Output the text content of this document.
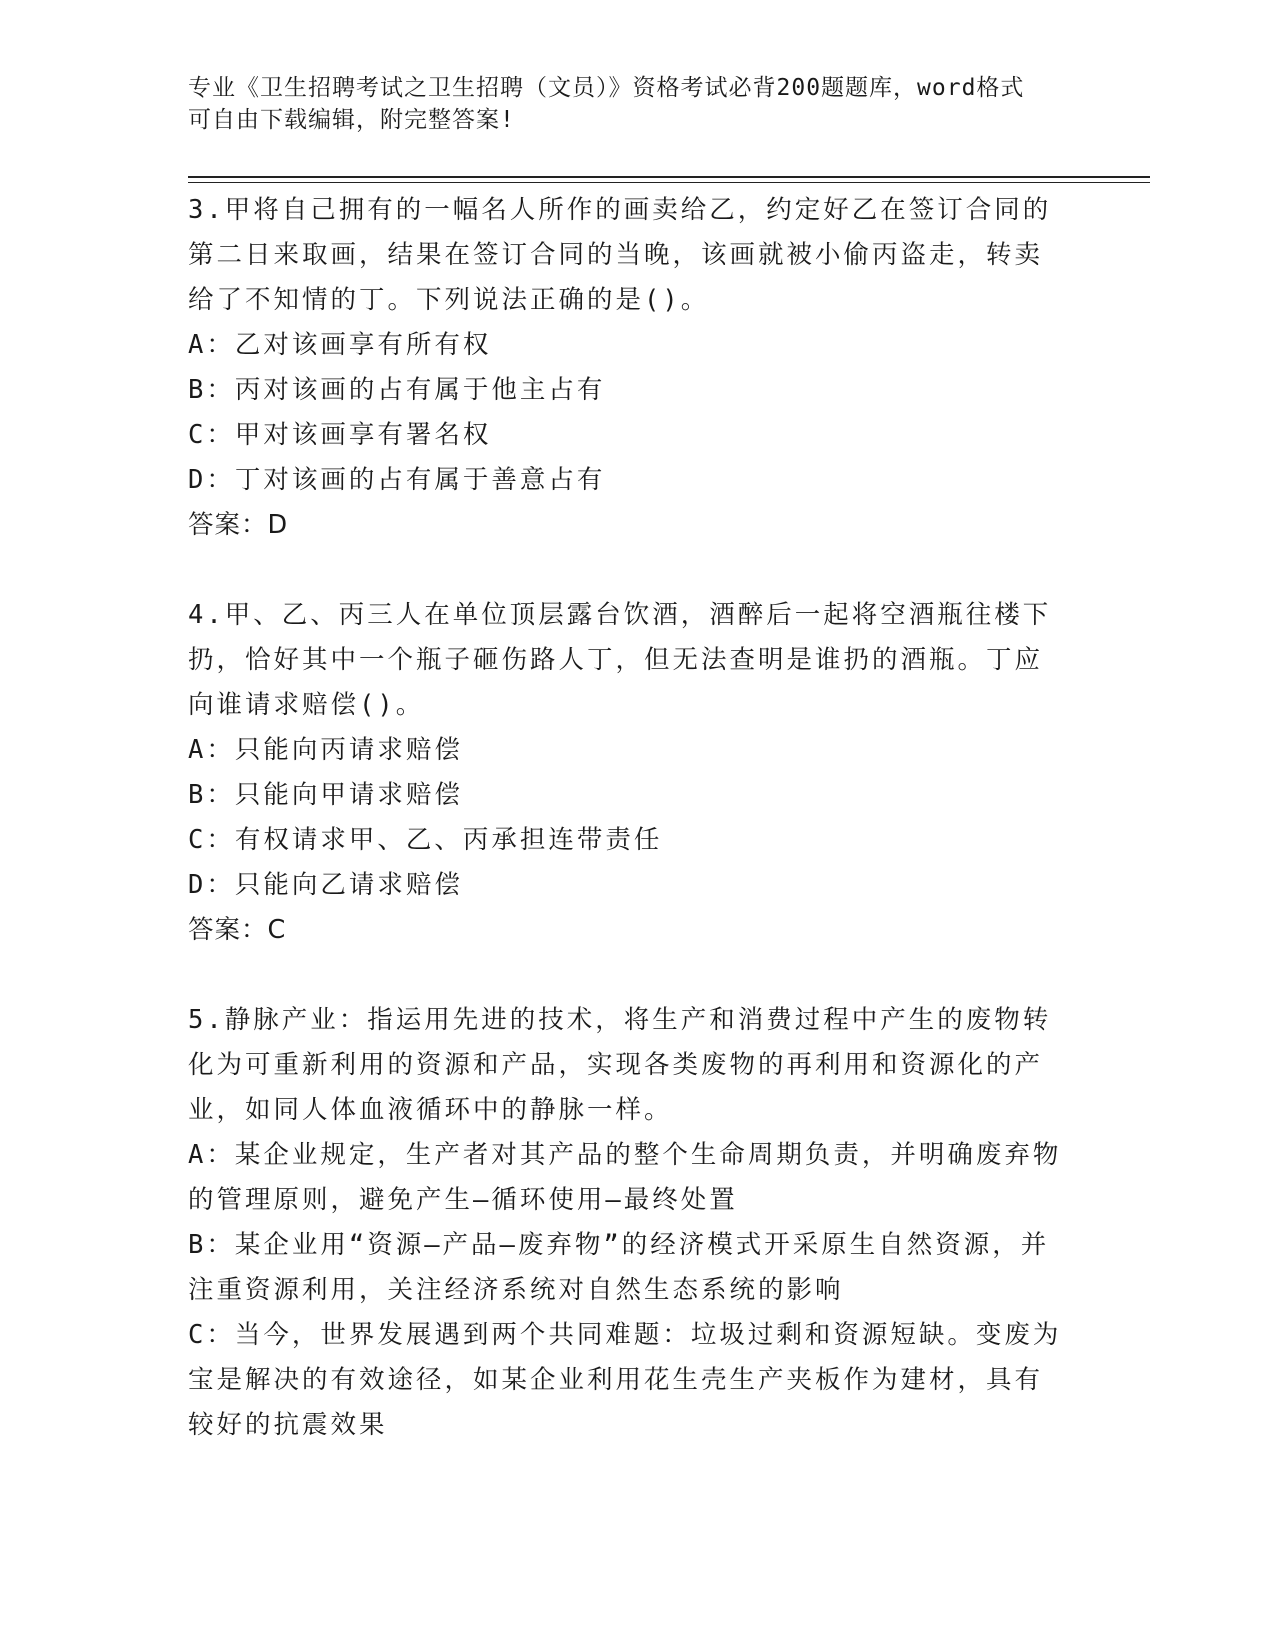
专业《卫生招聘考试之卫生招聘（文员）》资格考试必背200题题库，word格式
可自由下载编辑，附完整答案!

3.甲将自己拥有的一幅名人所作的画卖给乙，约定好乙在签订合同的第二日来取画，结果在签订合同的当晚，该画就被小偷丙盗走，转卖给了不知情的丁。下列说法正确的是()。

A：乙对该画享有所有权

B：丙对该画的占有属于他主占有

C：甲对该画享有署名权

D：丁对该画的占有属于善意占有

答案：D

4.甲、乙、丙三人在单位顶层露台饮酒，酒醉后一起将空酒瓶往楼下扔，恰好其中一个瓶子砸伤路人丁，但无法查明是谁扔的酒瓶。丁应向谁请求赔偿()。

A：只能向丙请求赔偿

B：只能向甲请求赔偿

C：有权请求甲、乙、丙承担连带责任

D：只能向乙请求赔偿

答案：C

5.静脉产业：指运用先进的技术，将生产和消费过程中产生的废物转化为可重新利用的资源和产品，实现各类废物的再利用和资源化的产业，如同人体血液循环中的静脉一样。

A：某企业规定，生产者对其产品的整个生命周期负责，并明确废弃物的管理原则，避免产生—循环使用—最终处置

B：某企业用“资源—产品—废弃物”的经济模式开采原生自然资源，并注重资源利用，关注经济系统对自然生态系统的影响

C：当今，世界发展遇到两个共同难题：垃圾过剩和资源短缺。变废为宝是解决的有效途径，如某企业利用花生壳生产夹板作为建材，具有较好的抗震效果
